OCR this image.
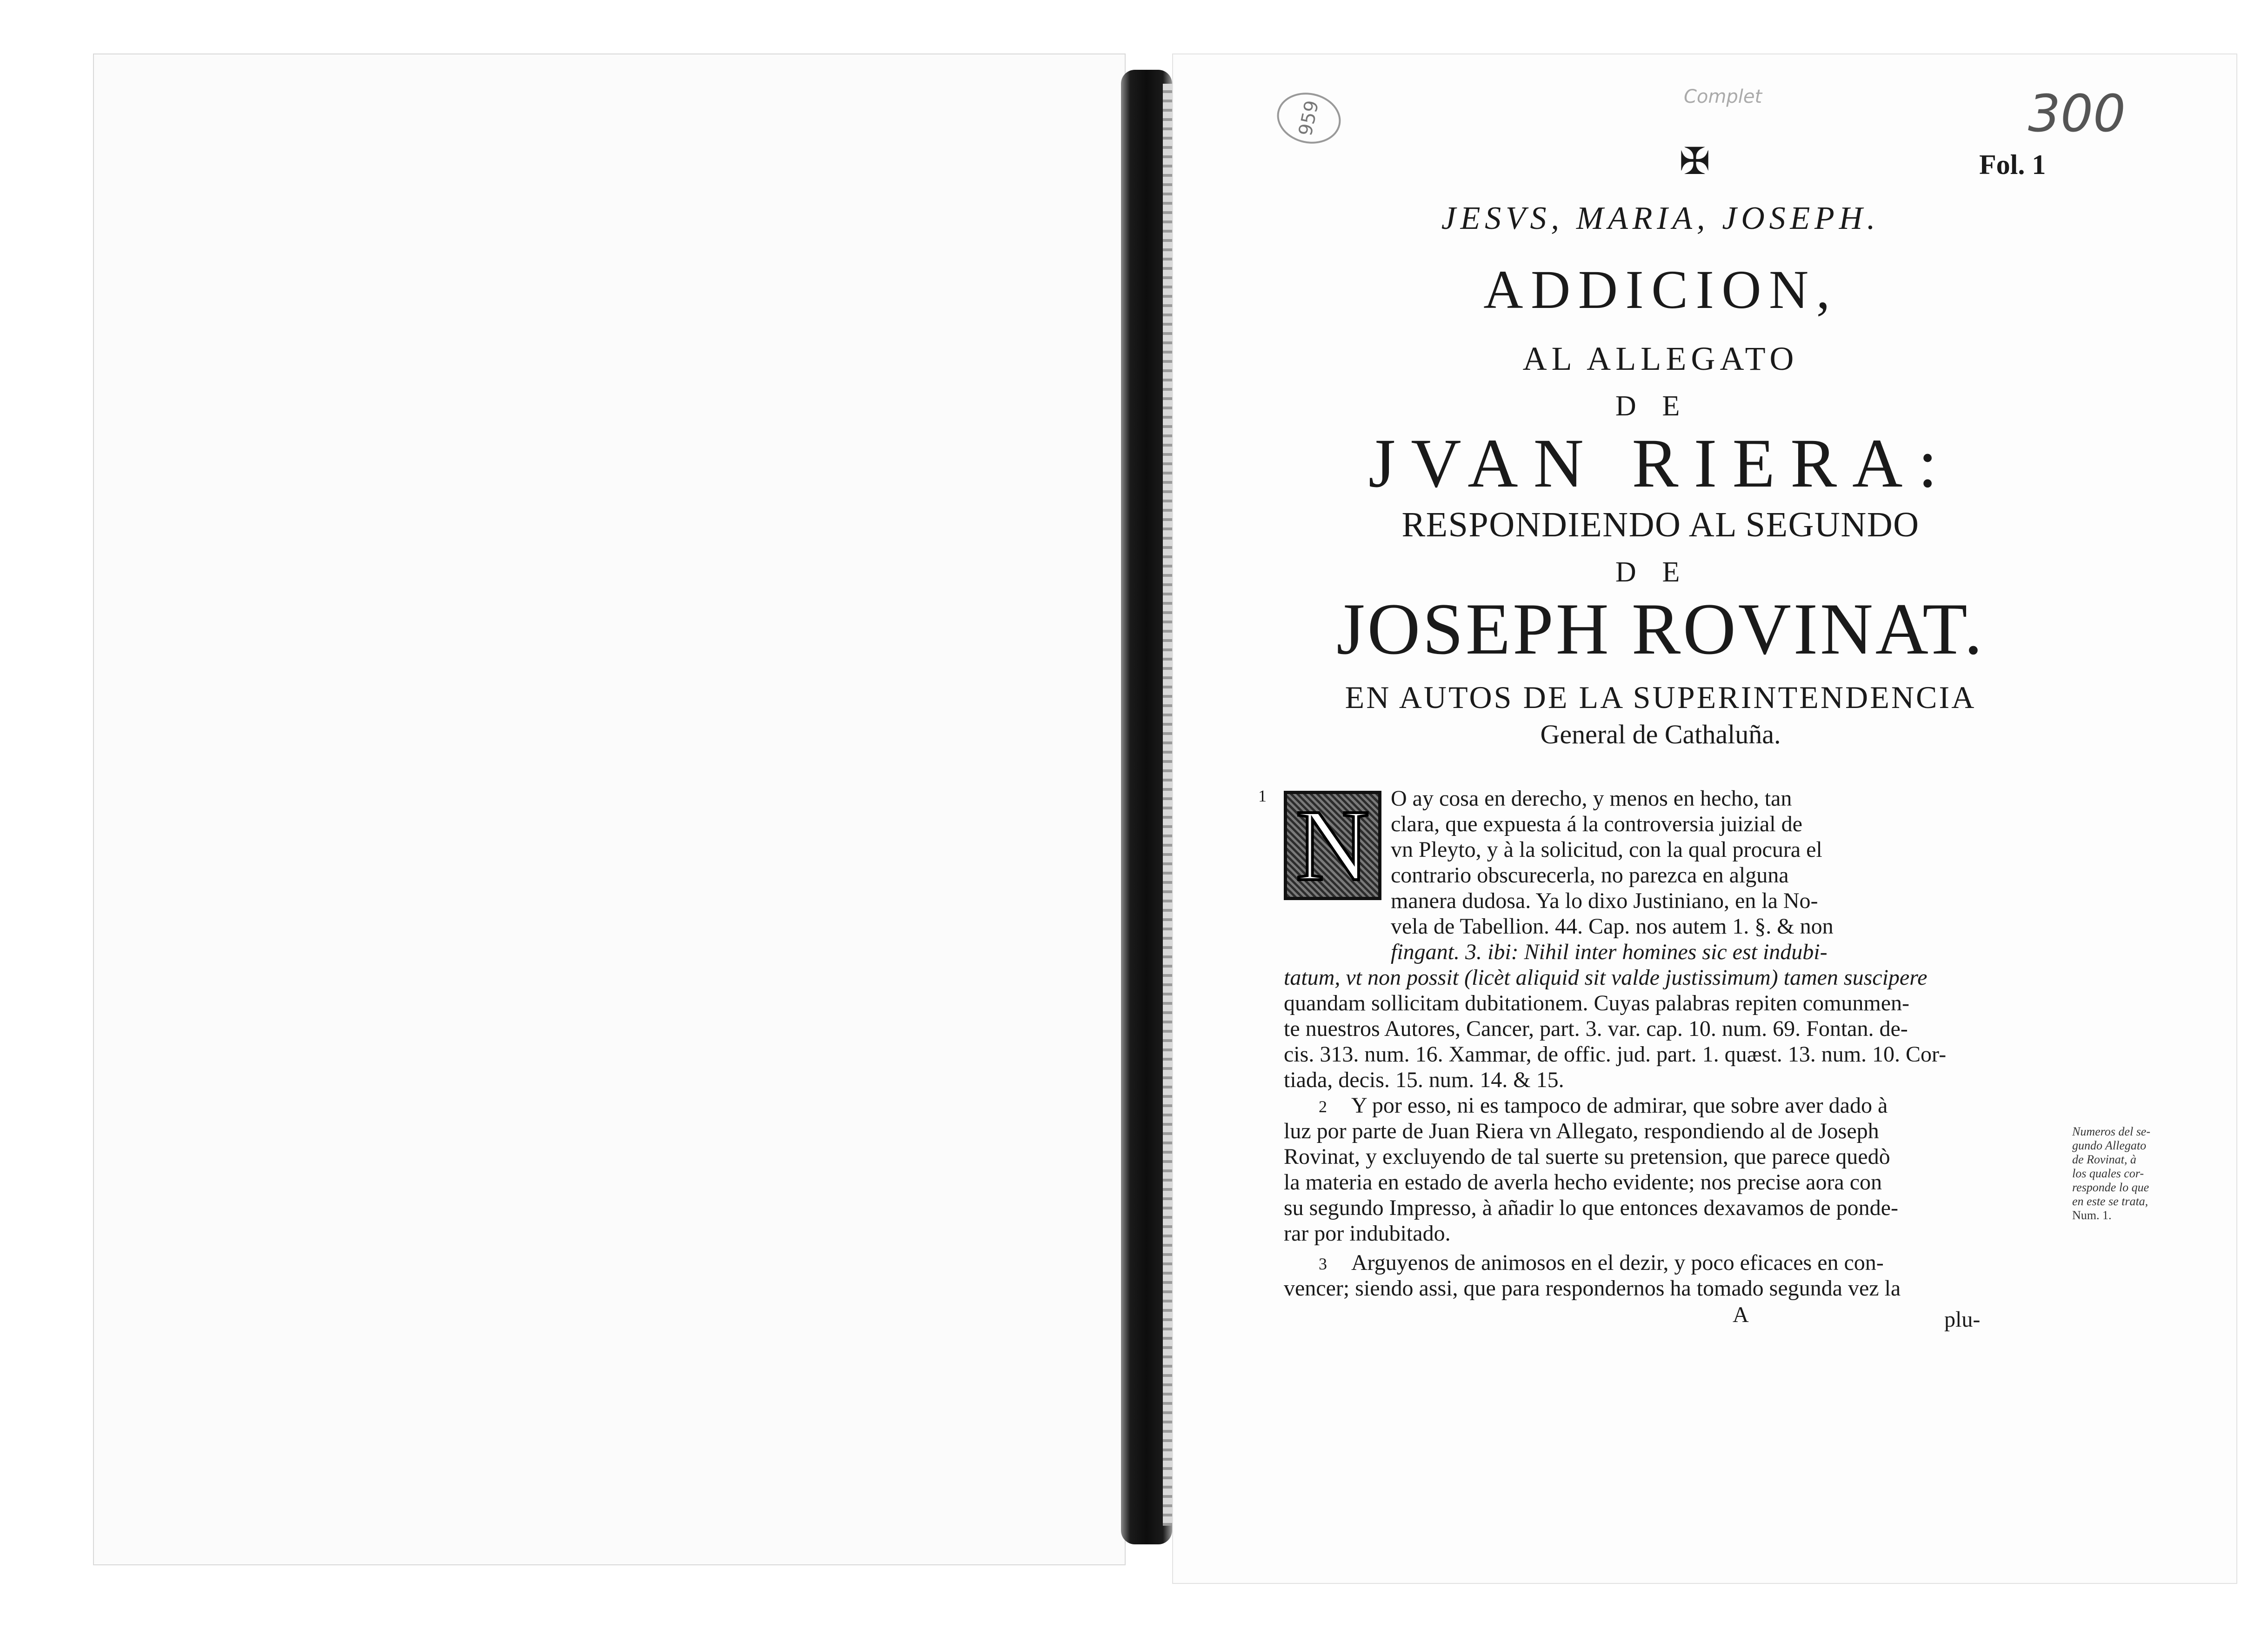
959

Complet	300

✠	Fol. 1

JESVS, MARIA, JOSEPH.

ADDICION,

AL ALLEGATO

DE

JVAN RIERA:

RESPONDIENDO AL SEGUNDO

DE

JOSEPH ROVINAT.

EN AUTOS DE LA SUPERINTENDENCIA

General de Cathaluña.

N

1	O ay cosa en derecho, y menos en hecho, tan

clara, que expuesta á la controversia juizial de

vn Pleyto, y à la solicitud, con la qual procura el

contrario obscurecerla, no parezca en alguna

manera dudosa. Ya lo dixo Justiniano, en la No-

vela de Tabellion. 44. Cap. nos autem 1. §. & non

fingant. 3. ibi: Nihil inter homines sic est indubi-

tatum, vt non possit (licèt aliquid sit valde justissimum) tamen suscipere

quandam sollicitam dubitationem. Cuyas palabras repiten comunmen-

te nuestros Autores, Cancer, part. 3. var. cap. 10. num. 69. Fontan. de-

cis. 313. num. 16. Xammar, de offic. jud. part. 1. quæst. 13. num. 10. Cor-

tiada, decis. 15. num. 14. & 15.

2 Y por esso, ni es tampoco de admirar, que sobre aver dado à

luz por parte de Juan Riera vn Allegato, respondiendo al de Joseph

Rovinat, y excluyendo de tal suerte su pretension, que parece quedò

la materia en estado de averla hecho evidente; nos precise aora con

su segundo Impresso, à añadir lo que entonces dexavamos de ponde-

rar por indubitado.

3 Arguyenos de animosos en el dezir, y poco eficaces en con-

vencer; siendo assi, que para respondernos ha tomado segunda vez la

A	plu-

Numeros del se-
gundo Allegato
de Rovinat, à
los quales cor-
responde lo que
en este se trata,
Num. 1.
